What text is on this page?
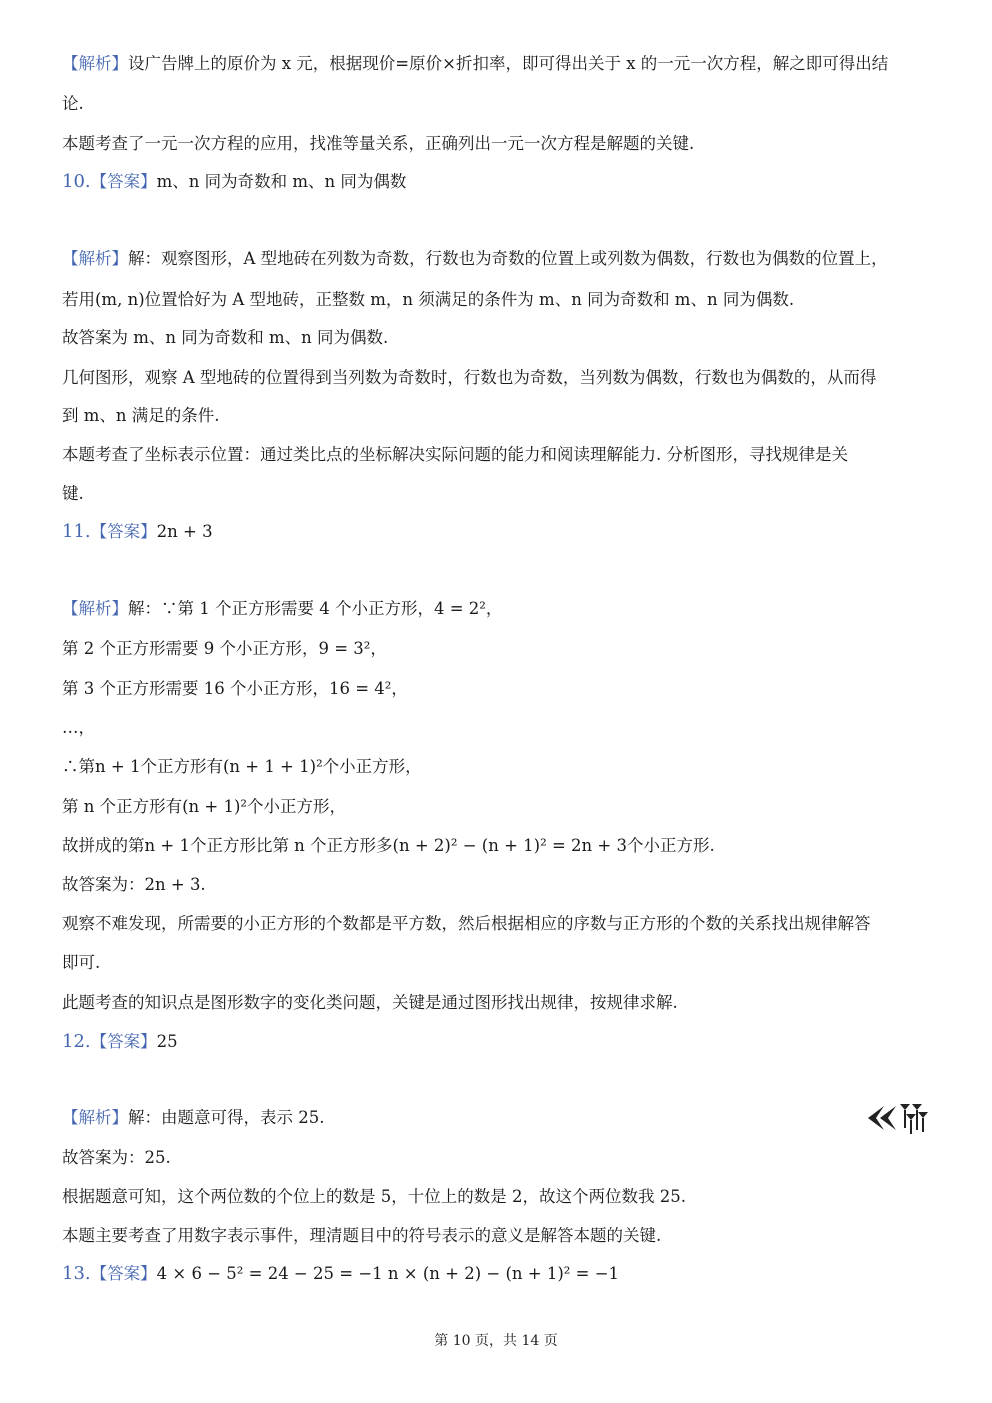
【解析】设广告牌上的原价为 x 元，根据现价=原价×折扣率，即可得出关于 x 的一元一次方程，解之即可得出结
论.
本题考查了一元一次方程的应用，找准等量关系，正确列出一元一次方程是解题的关键.
10.【答案】m、n 同为奇数和 m、n 同为偶数
【解析】解：观察图形，A 型地砖在列数为奇数，行数也为奇数的位置上或列数为偶数，行数也为偶数的位置上，
若用(m, n)位置恰好为 A 型地砖，正整数 m，n 须满足的条件为 m、n 同为奇数和 m、n 同为偶数.
故答案为 m、n 同为奇数和 m、n 同为偶数.
几何图形，观察 A 型地砖的位置得到当列数为奇数时，行数也为奇数，当列数为偶数，行数也为偶数的，从而得
到 m、n 满足的条件.
本题考查了坐标表示位置：通过类比点的坐标解决实际问题的能力和阅读理解能力. 分析图形，寻找规律是关
键.
11.【答案】2n + 3
【解析】解：∵第 1 个正方形需要 4 个小正方形，4 = 2²，
第 2 个正方形需要 9 个小正方形，9 = 3²，
第 3 个正方形需要 16 个小正方形，16 = 4²，
…，
∴第n + 1个正方形有(n + 1 + 1)²个小正方形，
第 n 个正方形有(n + 1)²个小正方形，
故拼成的第n + 1个正方形比第 n 个正方形多(n + 2)² − (n + 1)² = 2n + 3个小正方形.
故答案为：2n + 3.
观察不难发现，所需要的小正方形的个数都是平方数，然后根据相应的序数与正方形的个数的关系找出规律解答
即可.
此题考查的知识点是图形数字的变化类问题，关键是通过图形找出规律，按规律求解.
12.【答案】25
【解析】解：由题意可得，表示 25.
故答案为：25.
根据题意可知，这个两位数的个位上的数是 5，十位上的数是 2，故这个两位数我 25.
本题主要考查了用数字表示事件，理清题目中的符号表示的意义是解答本题的关键.
13.【答案】4 × 6 − 5² = 24 − 25 = −1 n × (n + 2) − (n + 1)² = −1
第 10 页，共 14 页
